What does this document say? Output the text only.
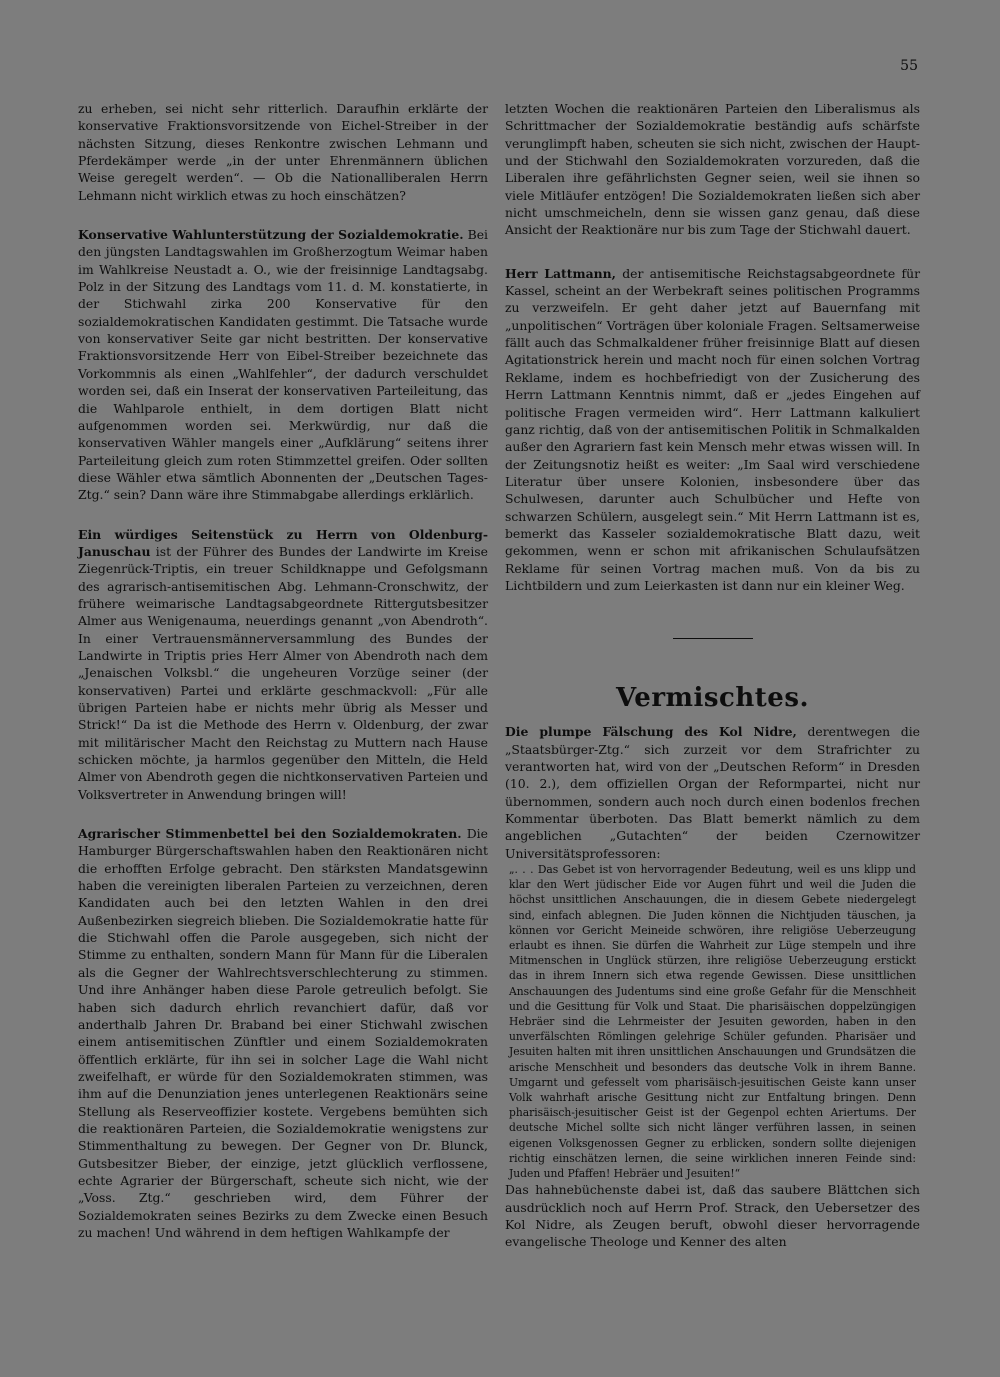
55

zu erheben, sei nicht sehr ritterlich. Daraufhin erklärte der konservative Fraktionsvorsitzende von Eichel-Streiber in der nächsten Sitzung, dieses Renkontre zwischen Lehmann und Pferdekämper werde „in der unter Ehrenmännern üblichen Weise geregelt werden“. — Ob die Nationalliberalen Herrn Lehmann nicht wirklich etwas zu hoch einschätzen?

Konservative Wahlunterstützung der Sozialdemokratie. Bei den jüngsten Landtagswahlen im Großherzogtum Weimar haben im Wahlkreise Neustadt a. O., wie der freisinnige Landtagsabg. Polz in der Sitzung des Landtags vom 11. d. M. konstatierte, in der Stichwahl zirka 200 Konservative für den sozialdemokratischen Kandidaten gestimmt. Die Tatsache wurde von konservativer Seite gar nicht bestritten. Der konservative Fraktionsvorsitzende Herr von Eibel-Streiber bezeichnete das Vorkommnis als einen „Wahlfehler“, der dadurch verschuldet worden sei, daß ein Inserat der konservativen Parteileitung, das die Wahlparole enthielt, in dem dortigen Blatt nicht aufgenommen worden sei. Merkwürdig, nur daß die konservativen Wähler mangels einer „Aufklärung“ seitens ihrer Parteileitung gleich zum roten Stimmzettel greifen. Oder sollten diese Wähler etwa sämtlich Abonnenten der „Deutschen Tages-Ztg.“ sein? Dann wäre ihre Stimmabgabe allerdings erklärlich.

Ein würdiges Seitenstück zu Herrn von Oldenburg-Januschau ist der Führer des Bundes der Landwirte im Kreise Ziegenrück-Triptis, ein treuer Schildknappe und Gefolgsmann des agrarisch-antisemitischen Abg. Lehmann-Cronschwitz, der frühere weimarische Landtagsabgeordnete Rittergutsbesitzer Almer aus Wenigenauma, neuerdings genannt „von Abendroth“. In einer Vertrauensmännerversammlung des Bundes der Landwirte in Triptis pries Herr Almer von Abendroth nach dem „Jenaischen Volksbl.“ die ungeheuren Vorzüge seiner (der konservativen) Partei und erklärte geschmackvoll: „Für alle übrigen Parteien habe er nichts mehr übrig als Messer und Strick!“ Da ist die Methode des Herrn v. Oldenburg, der zwar mit militärischer Macht den Reichstag zu Muttern nach Hause schicken möchte, ja harmlos gegenüber den Mitteln, die Held Almer von Abendroth gegen die nichtkonservativen Parteien und Volksvertreter in Anwendung bringen will!

Agrarischer Stimmenbettel bei den Sozialdemokraten. Die Hamburger Bürgerschaftswahlen haben den Reaktionären nicht die erhofften Erfolge gebracht. Den stärksten Mandatsgewinn haben die vereinigten liberalen Parteien zu verzeichnen, deren Kandidaten auch bei den letzten Wahlen in den drei Außenbezirken siegreich blieben. Die Sozialdemokratie hatte für die Stichwahl offen die Parole ausgegeben, sich nicht der Stimme zu enthalten, sondern Mann für Mann für die Liberalen als die Gegner der Wahlrechtsverschlechterung zu stimmen. Und ihre Anhänger haben diese Parole getreulich befolgt. Sie haben sich dadurch ehrlich revanchiert dafür, daß vor anderthalb Jahren Dr. Braband bei einer Stichwahl zwischen einem antisemitischen Zünftler und einem Sozialdemokraten öffentlich erklärte, für ihn sei in solcher Lage die Wahl nicht zweifelhaft, er würde für den Sozialdemokraten stimmen, was ihm auf die Denunziation jenes unterlegenen Reaktionärs seine Stellung als Reserveoffizier kostete. Vergebens bemühten sich die reaktionären Parteien, die Sozialdemokratie wenigstens zur Stimmenthaltung zu bewegen. Der Gegner von Dr. Blunck, Gutsbesitzer Bieber, der einzige, jetzt glücklich verflossene, echte Agrarier der Bürgerschaft, scheute sich nicht, wie der „Voss. Ztg.“ geschrieben wird, dem Führer der Sozialdemokraten seines Bezirks zu dem Zwecke einen Besuch zu machen! Und während in dem heftigen Wahlkampfe der

letzten Wochen die reaktionären Parteien den Liberalismus als Schrittmacher der Sozialdemokratie beständig aufs schärfste verunglimpft haben, scheuten sie sich nicht, zwischen der Haupt- und der Stichwahl den Sozialdemokraten vorzureden, daß die Liberalen ihre gefährlichsten Gegner seien, weil sie ihnen so viele Mitläufer entzögen! Die Sozialdemokraten ließen sich aber nicht umschmeicheln, denn sie wissen ganz genau, daß diese Ansicht der Reaktionäre nur bis zum Tage der Stichwahl dauert.

Herr Lattmann, der antisemitische Reichstagsabgeordnete für Kassel, scheint an der Werbekraft seines politischen Programms zu verzweifeln. Er geht daher jetzt auf Bauernfang mit „unpolitischen“ Vorträgen über koloniale Fragen. Seltsamerweise fällt auch das Schmalkaldener früher freisinnige Blatt auf diesen Agitationstrick herein und macht noch für einen solchen Vortrag Reklame, indem es hochbefriedigt von der Zusicherung des Herrn Lattmann Kenntnis nimmt, daß er „jedes Eingehen auf politische Fragen vermeiden wird“. Herr Lattmann kalkuliert ganz richtig, daß von der antisemitischen Politik in Schmalkalden außer den Agrariern fast kein Mensch mehr etwas wissen will. In der Zeitungsnotiz heißt es weiter: „Im Saal wird verschiedene Literatur über unsere Kolonien, insbesondere über das Schulwesen, darunter auch Schulbücher und Hefte von schwarzen Schülern, ausgelegt sein.“ Mit Herrn Lattmann ist es, bemerkt das Kasseler sozialdemokratische Blatt dazu, weit gekommen, wenn er schon mit afrikanischen Schulaufsätzen Reklame für seinen Vortrag machen muß. Von da bis zu Lichtbildern und zum Leierkasten ist dann nur ein kleiner Weg.

Vermischtes.

Die plumpe Fälschung des Kol Nidre, derentwegen die „Staatsbürger-Ztg.“ sich zurzeit vor dem Strafrichter zu verantworten hat, wird von der „Deutschen Reform“ in Dresden (10. 2.), dem offiziellen Organ der Reformpartei, nicht nur übernommen, sondern auch noch durch einen bodenlos frechen Kommentar überboten. Das Blatt bemerkt nämlich zu dem angeblichen „Gutachten“ der beiden Czernowitzer Universitätsprofessoren:

„. . . Das Gebet ist von hervorragender Bedeutung, weil es uns klipp und klar den Wert jüdischer Eide vor Augen führt und weil die Juden die höchst unsittlichen Anschauungen, die in diesem Gebete niedergelegt sind, einfach ablegnen. Die Juden können die Nichtjuden täuschen, ja können vor Gericht Meineide schwören, ihre religiöse Ueberzeugung erlaubt es ihnen. Sie dürfen die Wahrheit zur Lüge stempeln und ihre Mitmenschen in Unglück stürzen, ihre religiöse Ueberzeugung erstickt das in ihrem Innern sich etwa regende Gewissen. Diese unsittlichen Anschauungen des Judentums sind eine große Gefahr für die Menschheit und die Gesittung für Volk und Staat. Die pharisäischen doppelzüngigen Hebräer sind die Lehrmeister der Jesuiten geworden, haben in den unverfälschten Römlingen gelehrige Schüler gefunden. Pharisäer und Jesuiten halten mit ihren unsittlichen Anschauungen und Grundsätzen die arische Menschheit und besonders das deutsche Volk in ihrem Banne. Umgarnt und gefesselt vom pharisäisch-jesuitischen Geiste kann unser Volk wahrhaft arische Gesittung nicht zur Entfaltung bringen. Denn pharisäisch-jesuitischer Geist ist der Gegenpol echten Ariertums. Der deutsche Michel sollte sich nicht länger verführen lassen, in seinen eigenen Volksgenossen Gegner zu erblicken, sondern sollte diejenigen richtig einschätzen lernen, die seine wirklichen inneren Feinde sind: Juden und Pfaffen! Hebräer und Jesuiten!“

Das hahnebüchenste dabei ist, daß das saubere Blättchen sich ausdrücklich noch auf Herrn Prof. Strack, den Uebersetzer des Kol Nidre, als Zeugen beruft, obwohl dieser hervorragende evangelische Theologe und Kenner des alten
